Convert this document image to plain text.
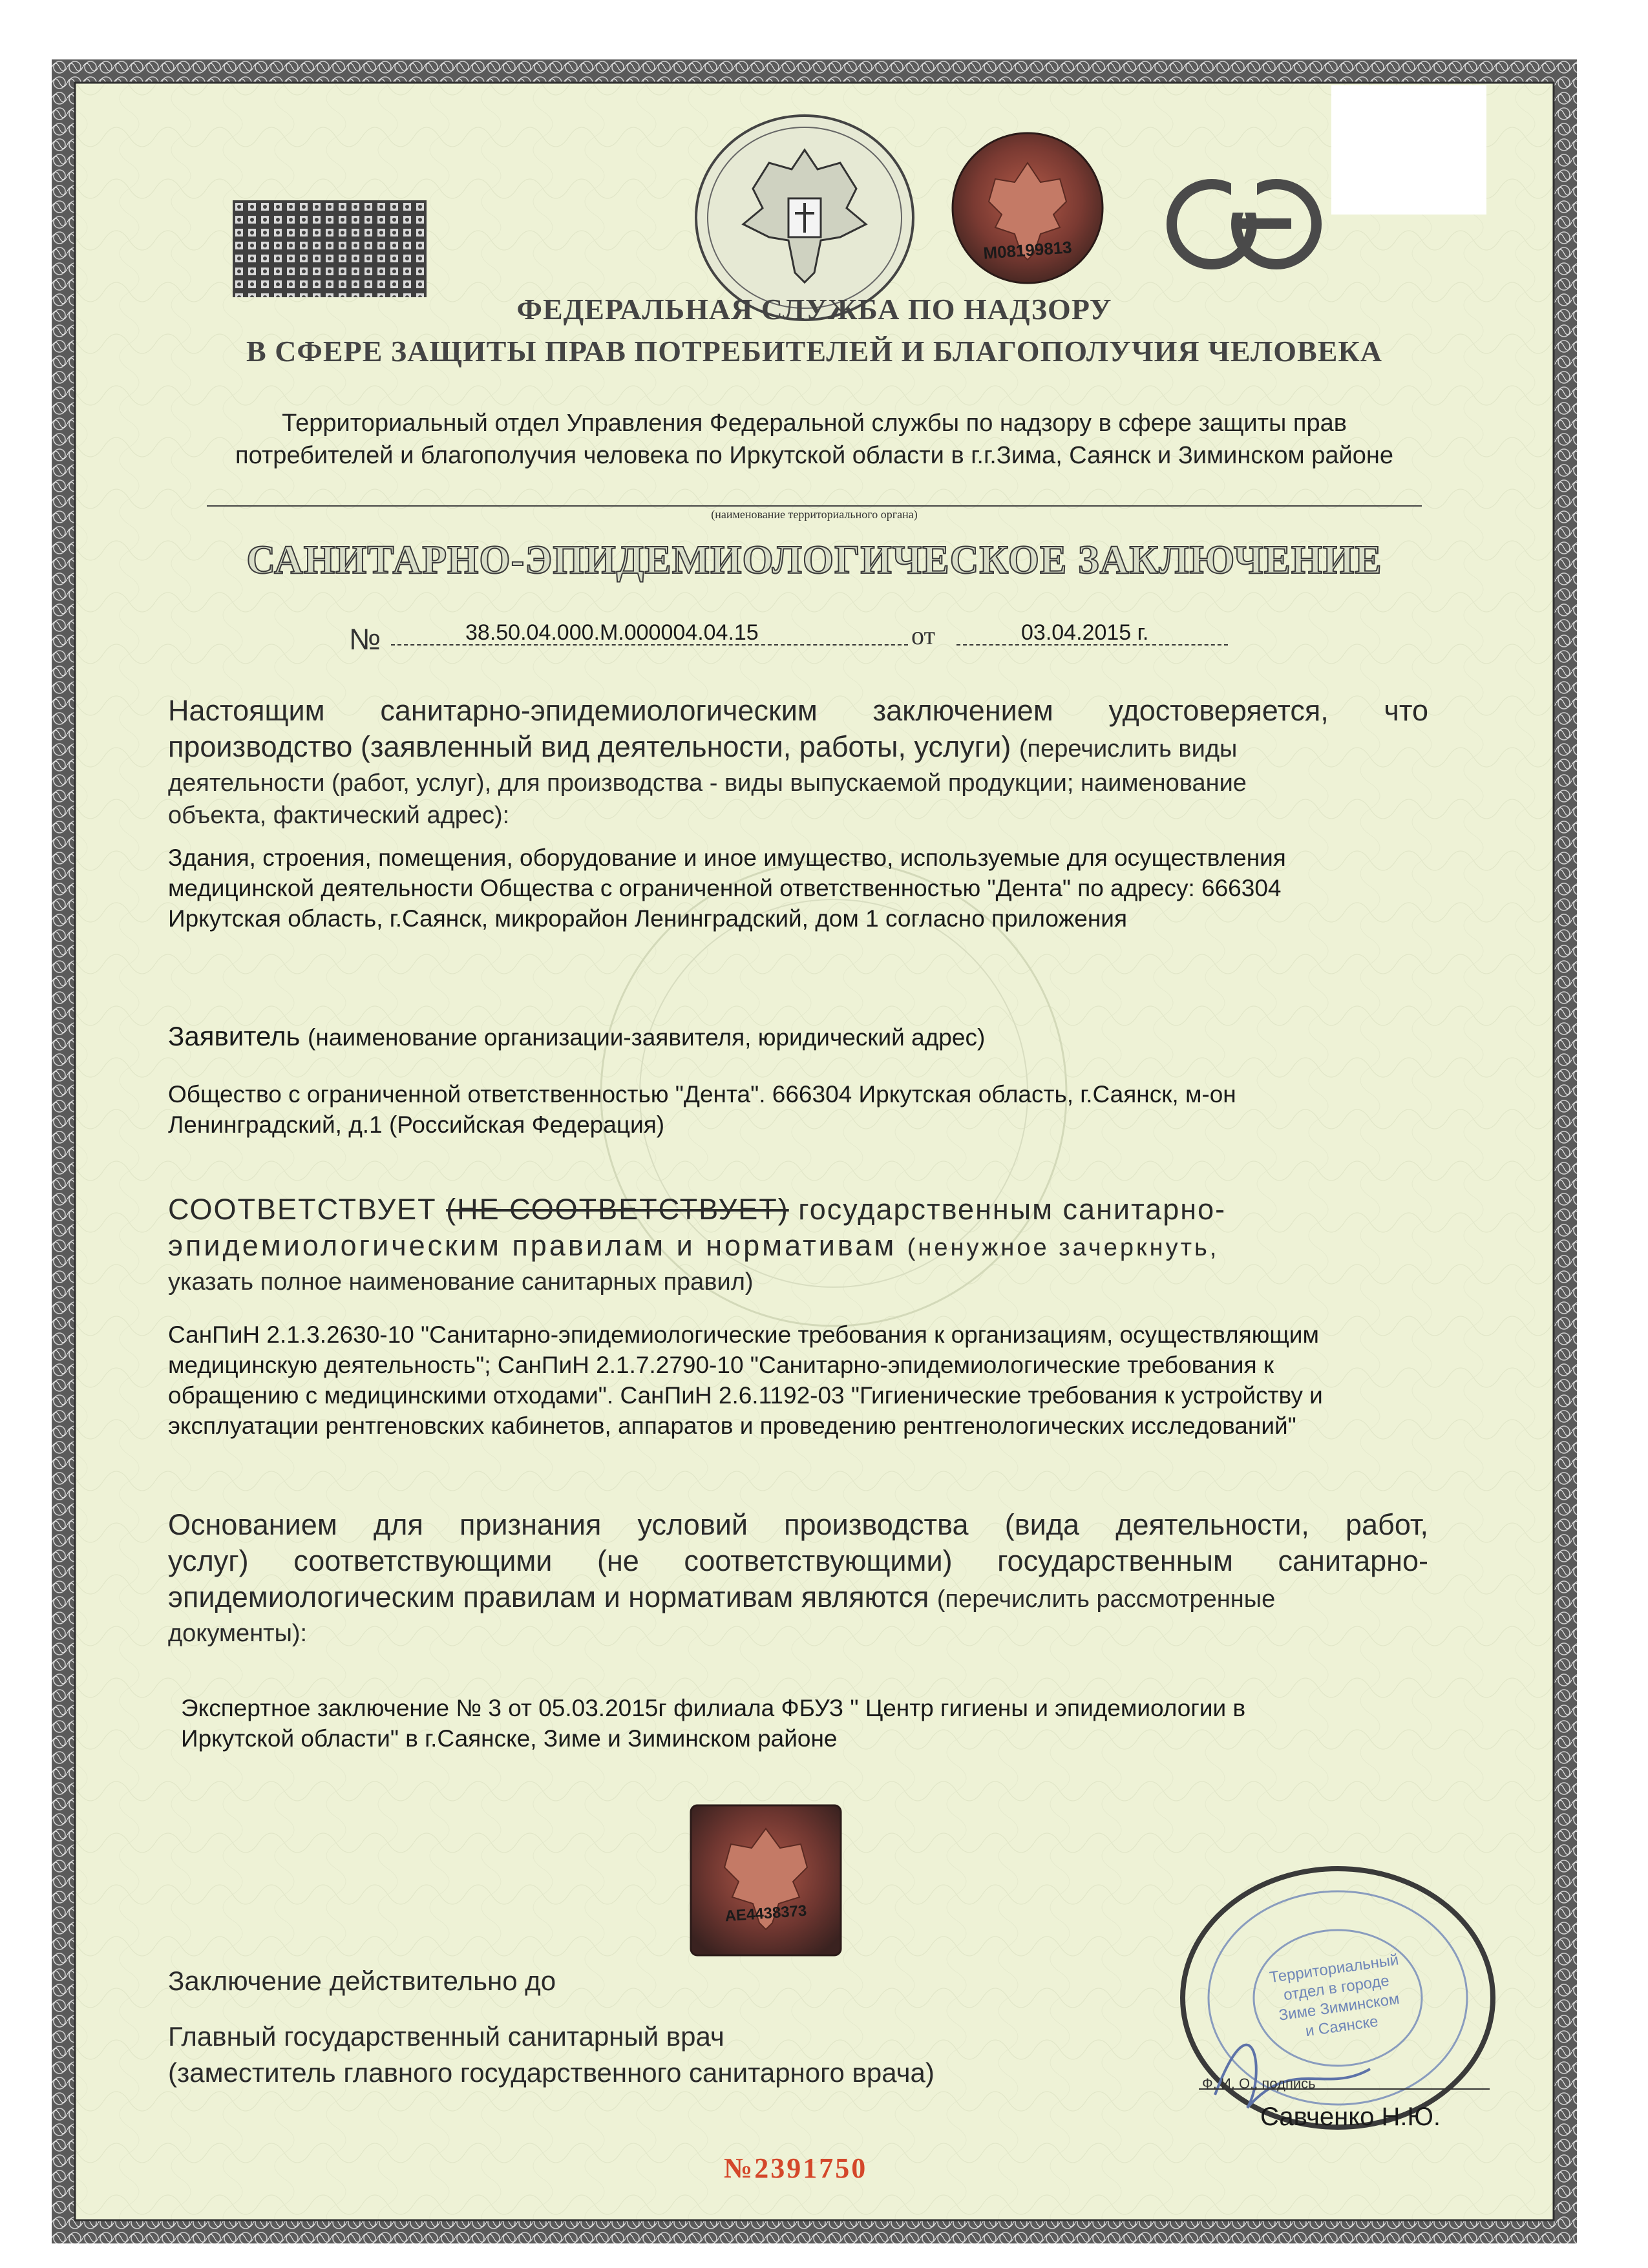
М08199813
ФЕДЕРАЛЬНАЯ СЛУЖБА ПО НАДЗОРУ
В СФЕРЕ ЗАЩИТЫ ПРАВ ПОТРЕБИТЕЛЕЙ И БЛАГОПОЛУЧИЯ ЧЕЛОВЕКА
Территориальный отдел Управления Федеральной службы по надзору в сфере защиты прав
потребителей и благополучия человека по Иркутской области в г.г.Зима, Саянск и Зиминском районе
(наименование территориального органа)
САНИТАРНО-ЭПИДЕМИОЛОГИЧЕСКОЕ ЗАКЛЮЧЕНИЕ
№	38.50.04.000.М.000004.04.15	от	03.04.2015 г.
Настоящим санитарно-эпидемиологическим заключением удостоверяется, что
производство (заявленный вид деятельности, работы, услуги) (перечислить виды
деятельности (работ, услуг), для производства - виды выпускаемой продукции; наименование
объекта, фактический адрес):
Здания, строения, помещения, оборудование и иное имущество, используемые для осуществления
медицинской деятельности Общества с ограниченной ответственностью "Дента" по адресу: 666304
Иркутская область, г.Саянск, микрорайон Ленинградский, дом 1 согласно приложения
Заявитель (наименование организации-заявителя, юридический адрес)
Общество с ограниченной ответственностью "Дента". 666304 Иркутская область, г.Саянск, м-он
Ленинградский, д.1 (Российская Федерация)
СООТВЕТСТВУЕТ (НЕ СООТВЕТСТВУЕТ) государственным санитарно-
эпидемиологическим правилам и нормативам (ненужное зачеркнуть,
указать полное наименование санитарных правил)
СанПиН 2.1.3.2630-10 "Санитарно-эпидемиологические требования к организациям, осуществляющим
медицинскую деятельность"; СанПиН 2.1.7.2790-10 "Санитарно-эпидемиологические требования к
обращению с медицинскими отходами". СанПиН 2.6.1192-03 "Гигиенические требования к устройству и
эксплуатации рентгеновских кабинетов, аппаратов и проведению рентгенологических исследований"
Основанием для признания условий производства (вида деятельности, работ,
услуг) соответствующими (не соответствующими) государственным санитарно-
эпидемиологическим правилам и нормативам являются (перечислить рассмотренные
документы):
Экспертное заключение № 3 от 05.03.2015г филиала ФБУЗ " Центр гигиены и эпидемиологии в
Иркутской области" в г.Саянске, Зиме и Зиминском районе
АЕ4438373
Заключение действительно до
Главный государственный санитарный врач
(заместитель главного государственного санитарного врача)
Территориальный отдел в городе Зиме Зиминском и Саянске
Ф. И. О., подпись
Савченко Н.Ю.
№2391750
